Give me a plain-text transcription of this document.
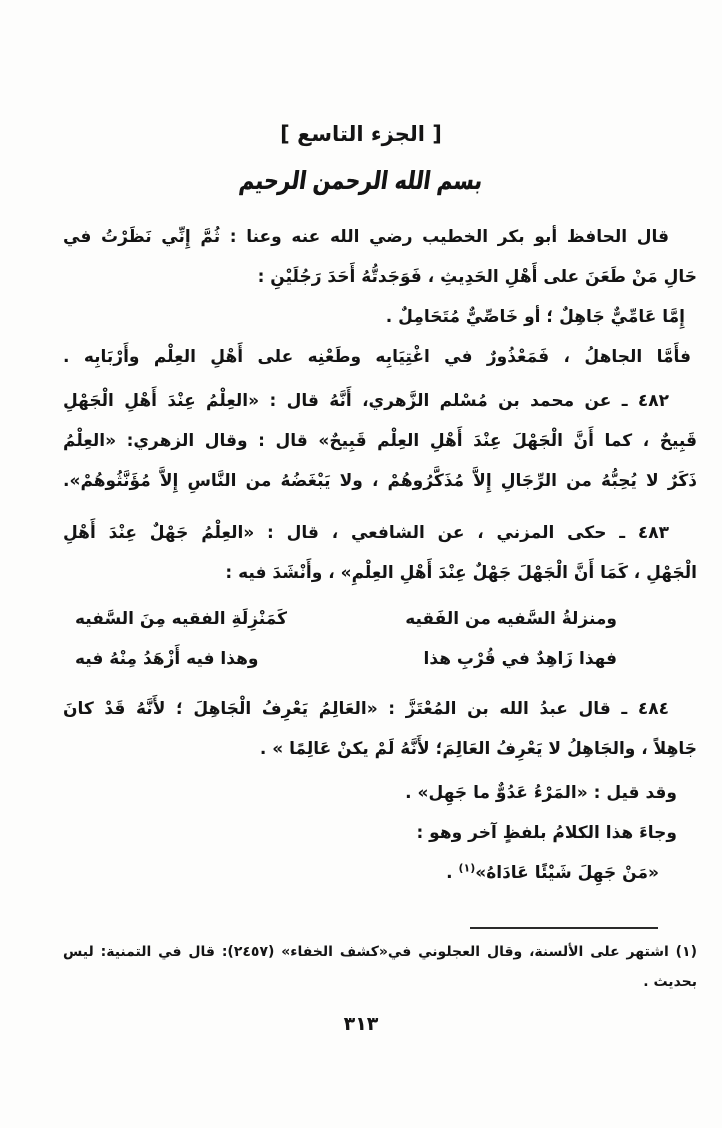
[ الجزء التاسع ]
بسم الله الرحمن الرحيم
قال الحافظ أبو بكر الخطيب رضي الله عنه وعنا : ثُمَّ إِنِّي نَظَرْتُ في
حَالِ مَنْ طَعَنَ على أَهْلِ الحَدِيثِ ، فَوَجَدتُّهُ أَحَدَ رَجُلَيْنِ :
إِمَّا عَامِّيٌّ جَاهِلٌ ؛ أو خَاصِّيٌّ مُتَحَامِلٌ .
فأَمَّا الجاهلُ ، فَمَعْذُورٌ في اغْتِيَابِه وطَعْنِه على أَهْلِ العِلْم وأَرْبَابِه .
٤٨٢ ـ عن محمد بن مُسْلم الزَّهري، أَنَّهُ قال : «العِلْمُ عِنْدَ أَهْلِ الْجَهْلِ
قَبِيحٌ ، كما أَنَّ الْجَهْلَ عِنْدَ أَهْلِ العِلْم قَبِيحٌ» قال : وقال الزهري: «العِلْمُ
ذَكَرٌ لا يُحِبُّهُ من الرِّجَالِ إِلاَّ مُذَكَّرُوهُمْ ، ولا يَبْغَضُهُ من النَّاسِ إِلاَّ مُؤَنَّثُوهُمْ».
٤٨٣ ـ حكى المزني ، عن الشافعي ، قال : «العِلْمُ جَهْلٌ عِنْدَ أَهْلِ
الْجَهْلِ ، كَمَا أَنَّ الْجَهْلَ جَهْلٌ عِنْدَ أَهْلِ العِلْمِ» ، وأَنْشَدَ فيه :
ومنزلةُ السَّفيه من الفَقيه
كَمَنْزِلَةِ الفقيه مِنَ السَّفيه
فهذا زَاهِدٌ في قُرْبِ هذا
وهذا فيه أَزْهَدُ مِنْهُ فيه
٤٨٤ ـ قال عبدُ الله بن المُعْتَزَّ : «العَالِمُ يَعْرِفُ الْجَاهِلَ ؛ لأَنَّهُ قَدْ كانَ
جَاهِلاً ، والجَاهِلُ لا يَعْرِفُ العَالِمَ؛ لأَنَّهُ لَمْ يكنْ عَالِمًا » .
وقد قيل : «المَرْءُ عَدُوٌّ ما جَهِل» .
وجاءَ هذا الكلامُ بلفظٍ آخر وهو :
«مَنْ جَهِلَ شَيْئًا عَادَاهُ»$^{(١)}$ .
(١) اشتهر على الألسنة، وقال العجلوني في«كشف الخفاء» (٢٤٥٧): قال في التمنية: ليس
بحديث .
٣١٣
